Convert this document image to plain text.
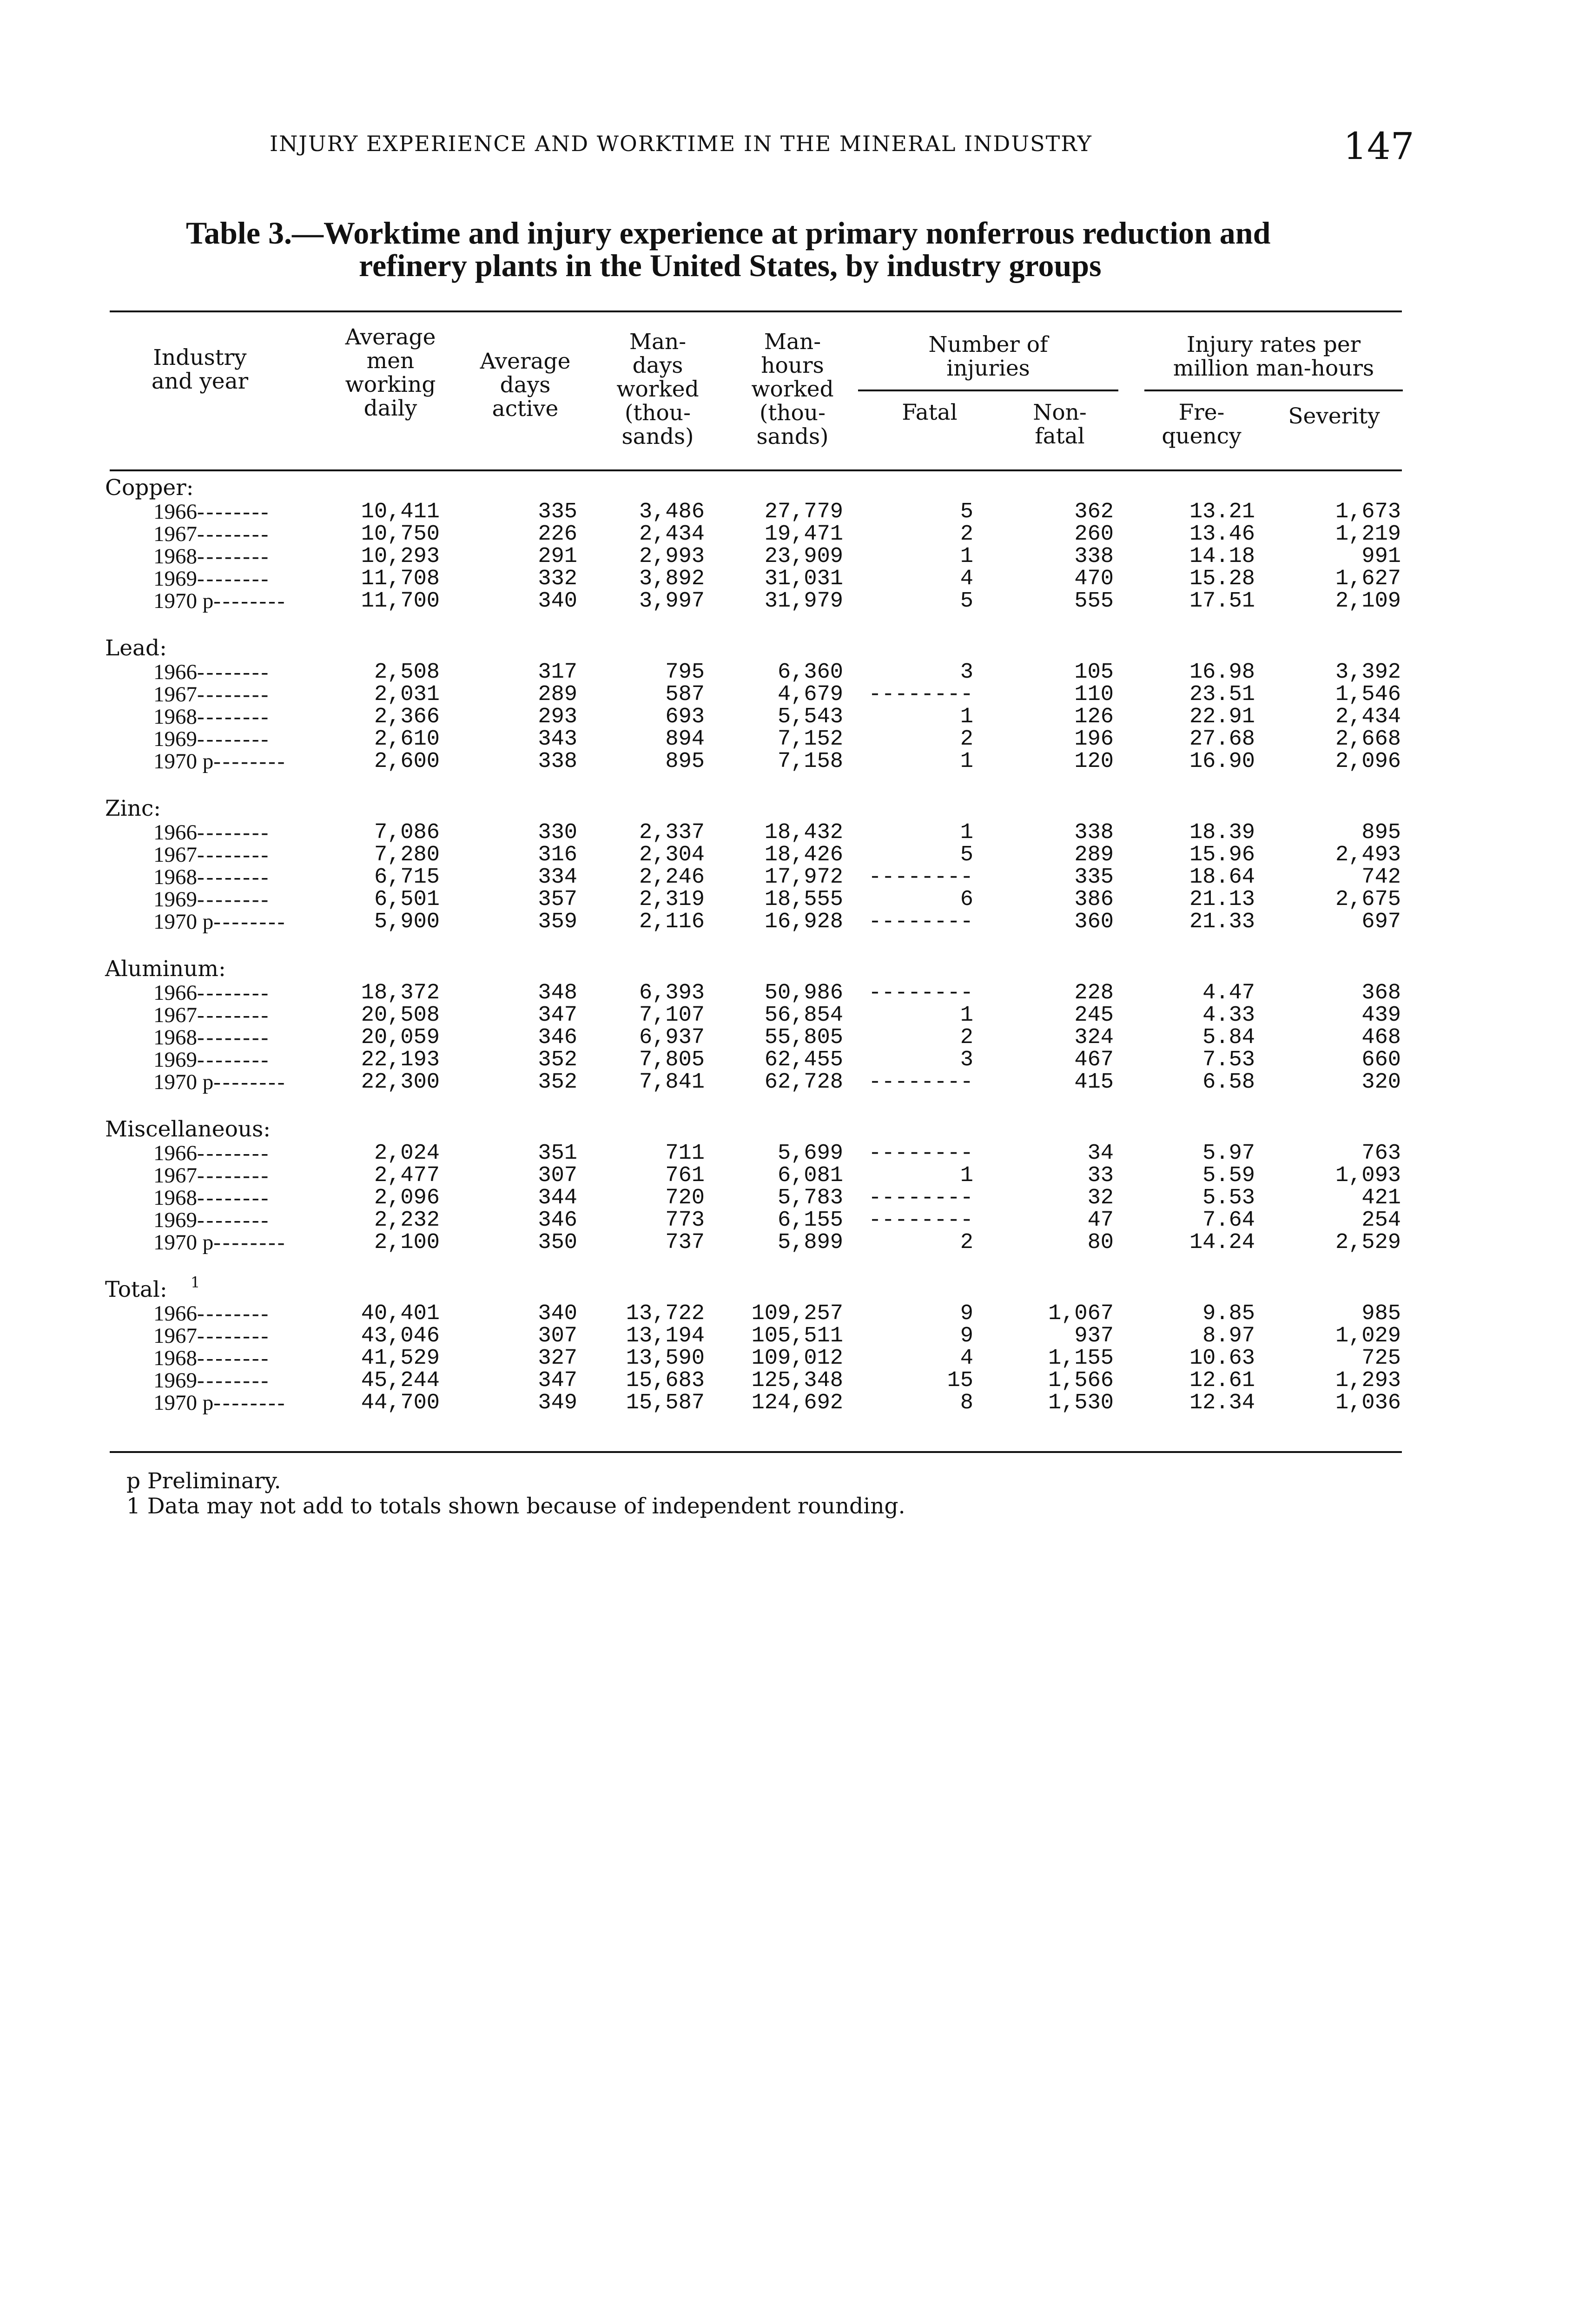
INJURY EXPERIENCE AND WORKTIME IN THE MINERAL INDUSTRY	147
Table 3.—Worktime and injury experience at primary nonferrous reduction and
refinery plants in the United States, by industry groups
Industry
and year
Average
men
working
daily
Average
days
active
Man-
days
worked
(thou-
sands)
Man-
hours
worked
(thou-
sands)
Number of
injuries
Fatal	Non-
fatal
Injury rates per
million man-hours
Fre-
quency
Severity
Copper:
1966--------	10,411	335	3,486	27,779	5	362	13.21	1,673
1967--------	10,750	226	2,434	19,471	2	260	13.46	1,219
1968--------	10,293	291	2,993	23,909	1	338	14.18	991
1969--------	11,708	332	3,892	31,031	4	470	15.28	1,627
1970 p--------	11,700	340	3,997	31,979	5	555	17.51	2,109
Lead:
1966--------	2,508	317	795	6,360	3	105	16.98	3,392
1967--------	2,031	289	587	4,679 --------	110	23.51	1,546
1968--------	2,366	293	693	5,543	1	126	22.91	2,434
1969--------	2,610	343	894	7,152	2	196	27.68	2,668
1970 p--------	2,600	338	895	7,158	1	120	16.90	2,096
Zinc:
1966--------	7,086	330	2,337	18,432	1	338	18.39	895
1967--------	7,280	316	2,304	18,426	5	289	15.96	2,493
1968--------	6,715	334	2,246	17,972 --------	335	18.64	742
1969--------	6,501	357	2,319	18,555	6	386	21.13	2,675
1970 p--------	5,900	359	2,116	16,928 --------	360	21.33	697
Aluminum:
1966--------	18,372	348	6,393	50,986 --------	228	4.47	368
1967--------	20,508	347	7,107	56,854	1	245	4.33	439
1968--------	20,059	346	6,937	55,805	2	324	5.84	468
1969--------	22,193	352	7,805	62,455	3	467	7.53	660
1970 p--------	22,300	352	7,841	62,728 --------	415	6.58	320
Miscellaneous:
1966--------	2,024	351	711	5,699 --------	34	5.97	763
1967--------	2,477	307	761	6,081	1	33	5.59	1,093
1968--------	2,096	344	720	5,783 --------	32	5.53	421
1969--------	2,232	346	773	6,155 --------	47	7.64	254
1970 p--------	2,100	350	737	5,899	2	80	14.24	2,529
Total: 1
1966--------	40,401	340	13,722	109,257	9	1,067	9.85	985
1967--------	43,046	307	13,194	105,511	9	937	8.97	1,029
1968--------	41,529	327	13,590	109,012	4	1,155	10.63	725
1969--------	45,244	347	15,683	125,348	15	1,566	12.61	1,293
1970 p--------	44,700	349	15,587	124,692	8	1,530	12.34	1,036
p Preliminary.
1 Data may not add to totals shown because of independent rounding.
